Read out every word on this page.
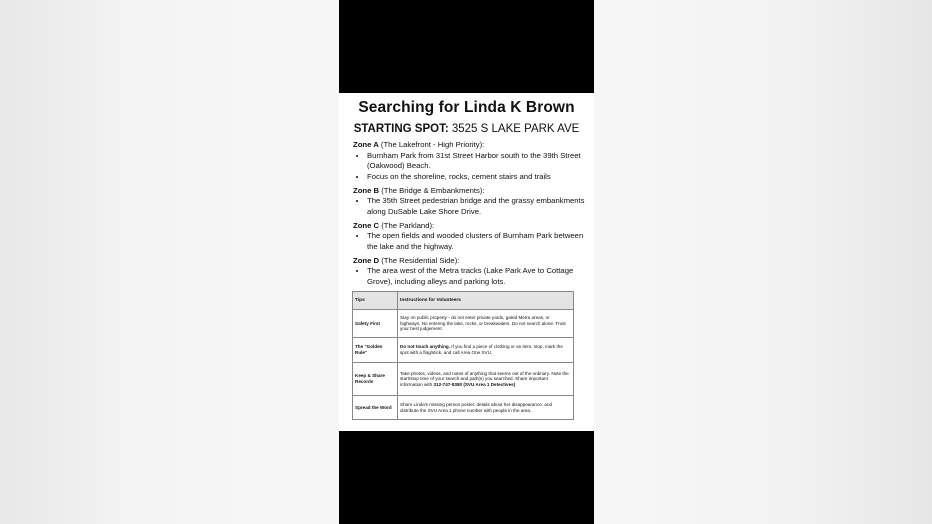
Searching for Linda K Brown
STARTING SPOT: 3525 S LAKE PARK AVE
Zone A (The Lakefront - High Priority):
• Burnham Park from 31st Street Harbor south to the 39th Street (Oakwood) Beach.
• Focus on the shoreline, rocks, cement stairs and trails
Zone B (The Bridge & Embankments):
• The 35th Street pedestrian bridge and the grassy embankments along DuSable Lake Shore Drive.
Zone C (The Parkland):
• The open fields and wooded clusters of Burnham Park between the lake and the highway.
Zone D (The Residential Side):
• The area west of the Metra tracks (Lake Park Ave to Cottage Grove), including alleys and parking lots.
Tips	Instructions for Volunteers
Safety First	Stay on public property - do not enter private yards, gated Metra areas, or highways. No entering the lake, rocks, or breakwaters. Do not search alone. Trust your best judgement.
The "Golden Rule"	Do not touch anything. If you find a piece of clothing or an item, stop, mark the spot with a flag/stick, and call Area One SVU.
Keep & Share Records	Take photos, videos, and notes of anything that seems out of the ordinary. Note the start/stop time of your search and path(s) you searched. Share important information with 312-747-8380 (SVU Area 1 Detectives)
Spread the Word	Share Linda's missing person poster, details about her disappearance, and distribute the SVU Area 1 phone number with people in the area.
